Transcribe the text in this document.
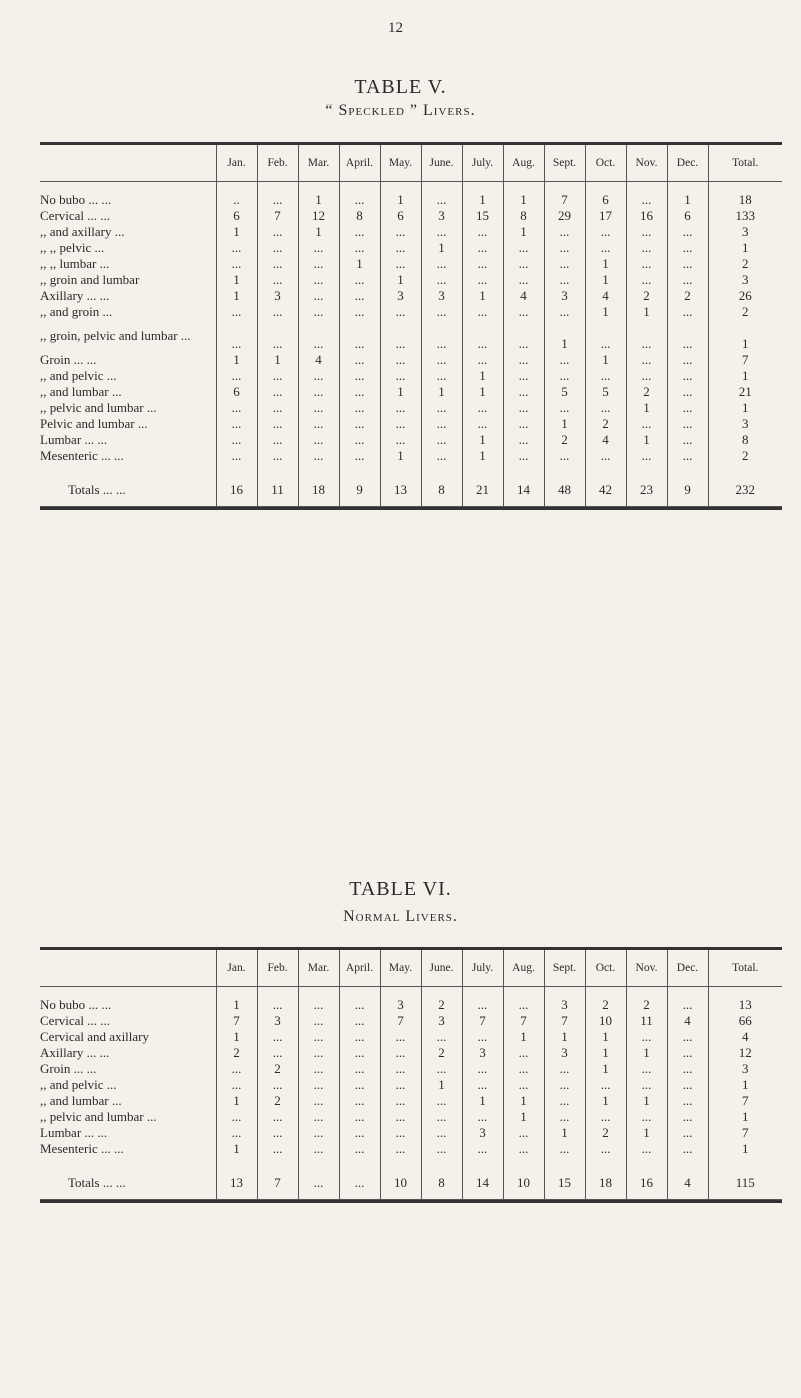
12
TABLE V.
“ Speckled ” Livers.
	Jan.	Feb.	Mar.	April.	May.	June.	July.	Aug.	Sept.	Oct.	Nov.	Dec.	Total.

No bubo ... ...	..	...	1	...	1	...	1	1	7	6	...	1	18
Cervical ... ...	6	7	12	8	6	3	15	8	29	17	16	6	133
,, and axillary ...	1	...	1	...	...	...	...	1	...	...	...	...	3
,, ,, pelvic ...	...	...	...	...	...	1	...	...	...	...	...	...	1
,, ,, lumbar ...	...	...	...	1	...	...	...	...	...	1	...	...	2
,, groin and lumbar	1	...	...	...	1	...	...	...	...	1	...	...	3
Axillary ... ...	1	3	...	...	3	3	1	4	3	4	2	2	26
,, and groin ...	...	...	...	...	...	...	...	...	...	1	1	...	2
,, groin, pelvic and lumbar ...	...	...	...	...	...	...	...	...	1	...	...	...	1
Groin ... ...	1	1	4	...	...	...	...	...	...	1	...	...	7
,, and pelvic ...	...	...	...	...	...	...	1	...	...	...	...	...	1
,, and lumbar ...	6	...	...	...	1	1	1	...	5	5	2	...	21
,, pelvic and lumbar ...	...	...	...	...	...	...	...	...	...	...	1	...	1
Pelvic and lumbar ...	...	...	...	...	...	...	...	...	1	2	...	...	3
Lumbar ... ...	...	...	...	...	...	...	1	...	2	4	1	...	8
Mesenteric ... ...	...	...	...	...	1	...	1	...	...	...	...	...	2

Totals ... ...	16	11	18	9	13	8	21	14	48	42	23	9	232
TABLE VI.
Normal Livers.
	Jan.	Feb.	Mar.	April.	May.	June.	July.	Aug.	Sept.	Oct.	Nov.	Dec.	Total.

No bubo ... ...	1	...	...	...	3	2	...	...	3	2	2	...	13
Cervical ... ...	7	3	...	...	7	3	7	7	7	10	11	4	66
Cervical and axillary	1	...	...	...	...	...	...	1	1	1	...	...	4
Axillary ... ...	2	...	...	...	...	2	3	...	3	1	1	...	12
Groin ... ...	...	2	...	...	...	...	...	...	...	1	...	...	3
,, and pelvic ...	...	...	...	...	...	1	...	...	...	...	...	...	1
,, and lumbar ...	1	2	...	...	...	...	1	1	...	1	1	...	7
,, pelvic and lumbar ...	...	...	...	...	...	...	...	1	...	...	...	...	1
Lumbar ... ...	...	...	...	...	...	...	3	...	1	2	1	...	7
Mesenteric ... ...	1	...	...	...	...	...	...	...	...	...	...	...	1

Totals ... ...	13	7	...	...	10	8	14	10	15	18	16	4	115
